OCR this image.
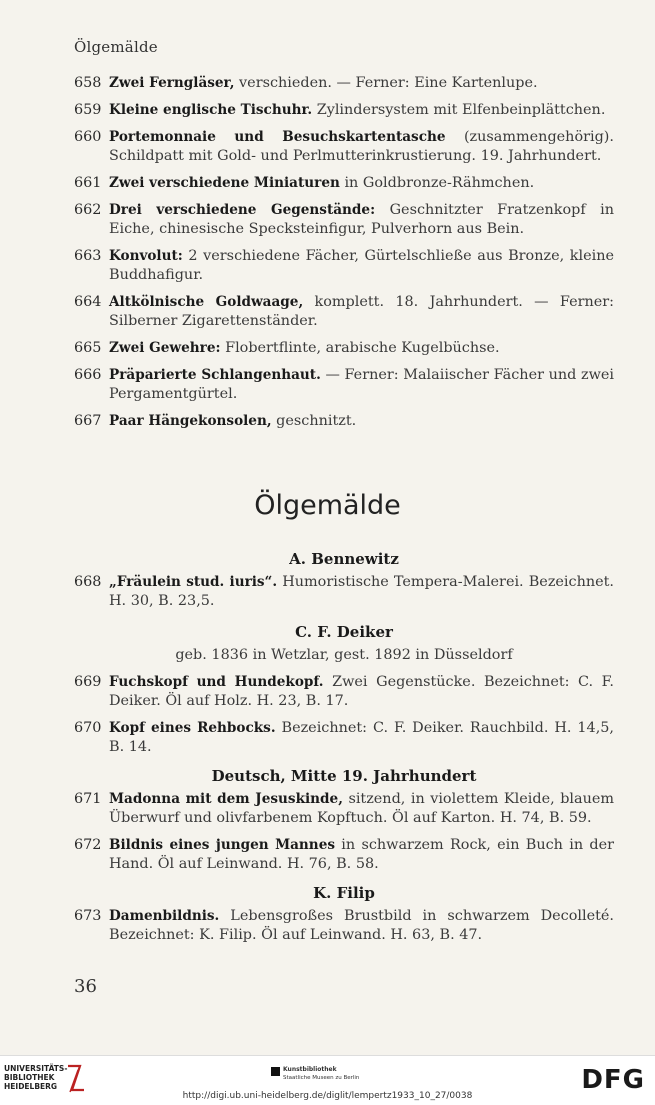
Ölgemälde
658 Zwei Ferngläser, verschieden. — Ferner: Eine Kartenlupe.
659 Kleine englische Tischuhr. Zylindersystem mit Elfenbeinplättchen.
660 Portemonnaie und Besuchskartentasche (zusammengehörig). Schildpatt mit Gold- und Perlmutterinkrustierung. 19. Jahrhundert.
661 Zwei verschiedene Miniaturen in Goldbronze-Rähmchen.
662 Drei verschiedene Gegenstände: Geschnitzter Fratzenkopf in Eiche, chinesische Specksteinfigur, Pulverhorn aus Bein.
663 Konvolut: 2 verschiedene Fächer, Gürtelschließe aus Bronze, kleine Buddhafigur.
664 Altkölnische Goldwaage, komplett. 18. Jahrhundert. — Ferner: Silberner Zigarettenständer.
665 Zwei Gewehre: Flobertflinte, arabische Kugelbüchse.
666 Präparierte Schlangenhaut. — Ferner: Malaiischer Fächer und zwei Pergamentgürtel.
667 Paar Hängekonsolen, geschnitzt.
Ölgemälde
A. Bennewitz
668 „Fräulein stud. iuris“. Humoristische Tempera-Malerei. Bezeichnet. H. 30, B. 23,5.
C. F. Deiker
geb. 1836 in Wetzlar, gest. 1892 in Düsseldorf
669 Fuchskopf und Hundekopf. Zwei Gegenstücke. Bezeichnet: C. F. Deiker. Öl auf Holz. H. 23, B. 17.
670 Kopf eines Rehbocks. Bezeichnet: C. F. Deiker. Rauchbild. H. 14,5, B. 14.
Deutsch, Mitte 19. Jahrhundert
671 Madonna mit dem Jesuskinde, sitzend, in violettem Kleide, blauem Überwurf und olivfarbenem Kopftuch. Öl auf Karton. H. 74, B. 59.
672 Bildnis eines jungen Mannes in schwarzem Rock, ein Buch in der Hand. Öl auf Leinwand. H. 76, B. 58.
K. Filip
673 Damenbildnis. Lebensgroßes Brustbild in schwarzem Decolleté. Bezeichnet: K. Filip. Öl auf Leinwand. H. 63, B. 47.
36
UNIVERSITÄTS-
BIBLIOTHEK
HEIDELBERG
Kunstbibliothek
Staatliche Museen zu Berlin	DFG
http://digi.ub.uni-heidelberg.de/diglit/lempertz1933_10_27/0038
